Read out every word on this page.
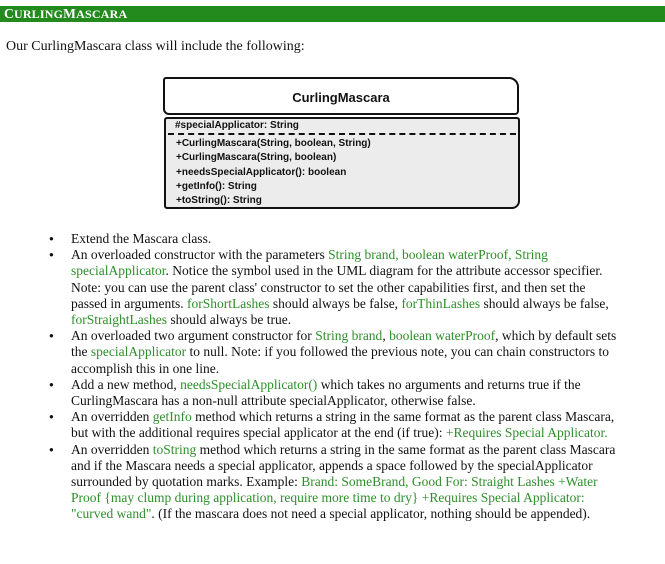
CURLINGMASCARA
Our CurlingMascara class will include the following:
CurlingMascara
#specialApplicator: String
+CurlingMascara(String, boolean, String)
+CurlingMascara(String, boolean)
+needsSpecialApplicator(): boolean
+getInfo(): String
+toString(): String
● Extend the Mascara class.
● An overloaded constructor with the parameters String brand, boolean waterProof, String
specialApplicator. Notice the symbol used in the UML diagram for the attribute accessor specifier.
Note: you can use the parent class' constructor to set the other capabilities first, and then set the
passed in arguments. forShortLashes should always be false, forThinLashes should always be false,
forStraightLashes should always be true.
● An overloaded two argument constructor for String brand, boolean waterProof, which by default sets
the specialApplicator to null. Note: if you followed the previous note, you can chain constructors to
accomplish this in one line.
● Add a new method, needsSpecialApplicator() which takes no arguments and returns true if the
CurlingMascara has a non-null attribute specialApplicator, otherwise false.
● An overridden getInfo method which returns a string in the same format as the parent class Mascara,
but with the additional requires special applicator at the end (if true): +Requires Special Applicator.
● An overridden toString method which returns a string in the same format as the parent class Mascara
and if the Mascara needs a special applicator, appends a space followed by the specialApplicator
surrounded by quotation marks. Example: Brand: SomeBrand, Good For: Straight Lashes +Water
Proof {may clump during application, require more time to dry} +Requires Special Applicator:
"curved wand". (If the mascara does not need a special applicator, nothing should be appended).
